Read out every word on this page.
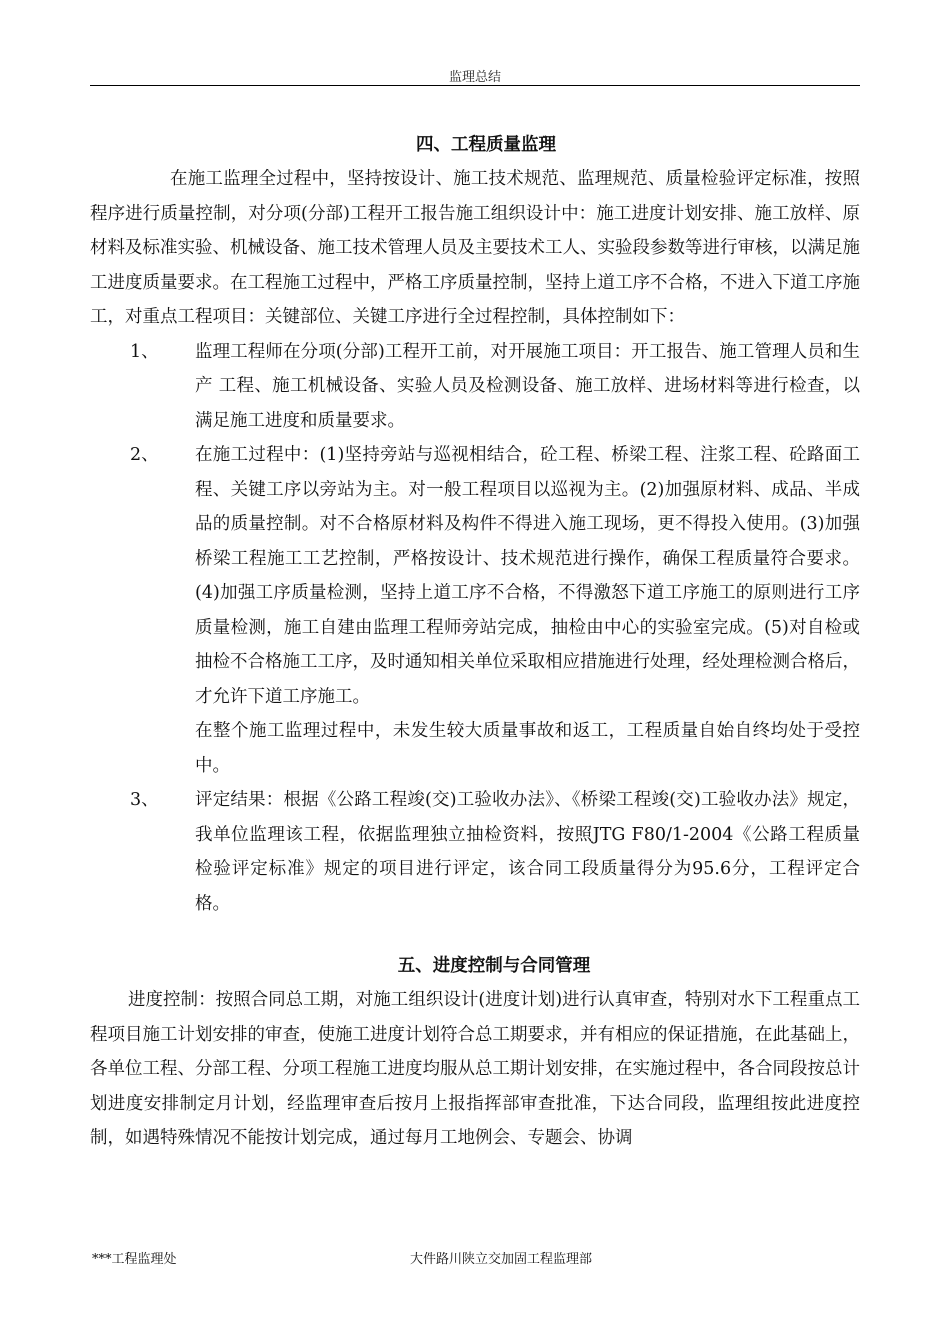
监理总结
四、工程质量监理

在施工监理全过程中，坚持按设计、施工技术规范、监理规范、质量检验评定标准，按照程序进行质量控制，对分项(分部)工程开工报告施工组织设计中：施工进度计划安排、施工放样、原材料及标准实验、机械设备、施工技术管理人员及主要技术工人、实验段参数等进行审核，以满足施工进度质量要求。在工程施工过程中，严格工序质量控制，坚持上道工序不合格，不进入下道工序施工，对重点工程项目：关键部位、关键工序进行全过程控制，具体控制如下：

1、 监理工程师在分项(分部)工程开工前，对开展施工项目：开工报告、施工管理人员和生产 工程、施工机械设备、实验人员及检测设备、施工放样、进场材料等进行检查，以满足施工进度和质量要求。
2、 在施工过程中：(1)坚持旁站与巡视相结合，砼工程、桥梁工程、注浆工程、砼路面工程、关键工序以旁站为主。对一般工程项目以巡视为主。(2)加强原材料、成品、半成品的质量控制。对不合格原材料及构件不得进入施工现场，更不得投入使用。(3)加强桥梁工程施工工艺控制，严格按设计、技术规范进行操作，确保工程质量符合要求。(4)加强工序质量检测，坚持上道工序不合格，不得激怒下道工序施工的原则进行工序质量检测，施工自建由监理工程师旁站完成，抽检由中心的实验室完成。(5)对自检或抽检不合格施工工序，及时通知相关单位采取相应措施进行处理，经处理检测合格后，才允许下道工序施工。

在整个施工监理过程中，未发生较大质量事故和返工，工程质量自始自终均处于受控中。

3、 评定结果：根据《公路工程竣(交)工验收办法》、《桥梁工程竣(交)工验收办法》规定，我单位监理该工程，依据监理独立抽检资料，按照JTG F80/1-2004《公路工程质量检验评定标准》规定的项目进行评定，该合同工段质量得分为95.6分，工程评定合格。
五、进度控制与合同管理

进度控制：按照合同总工期，对施工组织设计(进度计划)进行认真审查，特别对水下工程重点工程项目施工计划安排的审查，使施工进度计划符合总工期要求，并有相应的保证措施，在此基础上，各单位工程、分部工程、分项工程施工进度均服从总工期计划安排，在实施过程中，各合同段按总计划进度安排制定月计划，经监理审查后按月上报指挥部审查批准，下达合同段，监理组按此进度控制，如遇特殊情况不能按计划完成，通过每月工地例会、专题会、协调

***工程监理处	大件路川陕立交加固工程监理部
